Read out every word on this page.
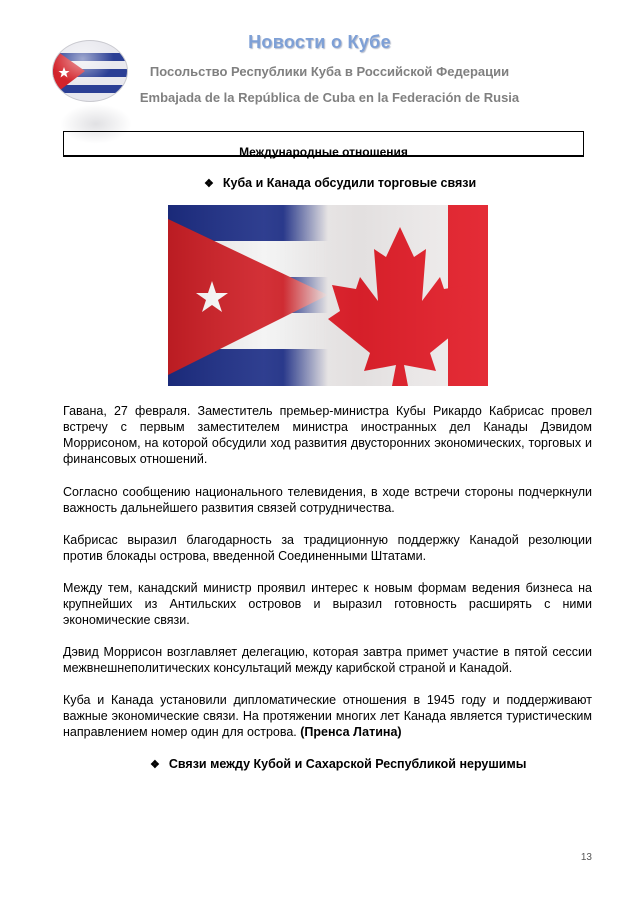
Новости о Кубе
Посольство Республики Куба в Российской Федерации
Embajada de la República de Cuba en la Federación de Rusia
Международные отношения
❖ Куба и Канада обсудили торговые связи
Гавана, 27 февраля. Заместитель премьер-министра Кубы Рикардо Кабрисас провел встречу с первым заместителем министра иностранных дел Канады Дэвидом Моррисоном, на которой обсудили ход развития двусторонних экономических, торговых и финансовых отношений.
Согласно сообщению национального телевидения, в ходе встречи стороны подчеркнули важность дальнейшего развития связей сотрудничества.
Кабрисас выразил благодарность за традиционную поддержку Канадой резолюции против блокады острова, введенной Соединенными Штатами.
Между тем, канадский министр проявил интерес к новым формам ведения бизнеса на крупнейших из Антильских островов и выразил готовность расширять с ними экономические связи.
Дэвид Моррисон возглавляет делегацию, которая завтра примет участие в пятой сессии межвнешнеполитических консультаций между карибской страной и Канадой.
Куба и Канада установили дипломатические отношения в 1945 году и поддерживают важные экономические связи. На протяжении многих лет Канада является туристическим направлением номер один для острова. (Пренса Латина)
❖ Связи между Кубой и Сахарской Республикой нерушимы
13
